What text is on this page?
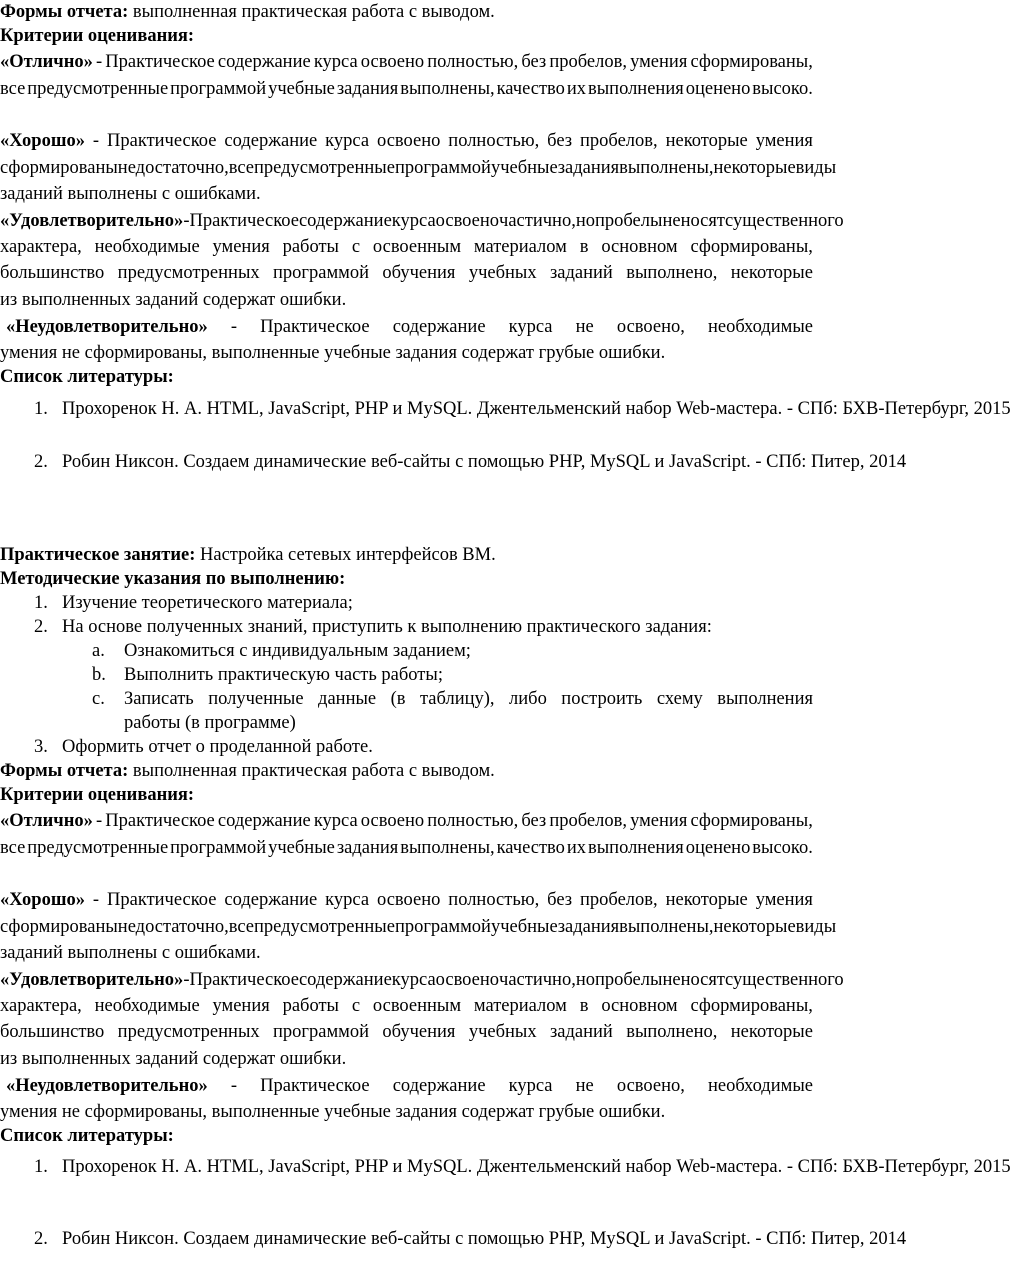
Формы отчета: выполненная практическая работа с выводом.
Критерии оценивания:
«Отлично» - Практическое содержание курса освоено полностью, без пробелов, умения сформированы,
все предусмотренные программой учебные задания выполнены, качество их выполнения оценено высоко.
«Хорошо» - Практическое содержание курса освоено полностью, без пробелов, некоторые умения
сформированы недостаточно, все предусмотренные программой учебные задания выполнены, некоторые виды
заданий выполнены с ошибками.
«Удовлетворительно» - Практическое содержание курса освоено частично, но пробелы не носят существенного
характера, необходимые умения работы с освоенным материалом в основном сформированы,
большинство предусмотренных программой обучения учебных заданий выполнено, некоторые
из выполненных заданий содержат ошибки.
«Неудовлетворительно» - Практическое содержание курса не освоено, необходимые
умения не сформированы, выполненные учебные задания содержат грубые ошибки.
Список литературы:
1. Прохоренок Н. А. HTML, JavaScript, PHP и MySQL. Джентельменский набор Web-мастера. - СПб: БХВ-Петербург, 2015
2. Робин Никсон. Создаем динамические веб-сайты с помощью PHP, MySQL и JavaScript. - СПб: Питер, 2014
Практическое занятие: Настройка сетевых интерфейсов ВМ.
Методические указания по выполнению:
1. Изучение теоретического материала;
2. На основе полученных знаний, приступить к выполнению практического задания:
a. Ознакомиться с индивидуальным заданием;
b. Выполнить практическую часть работы;
c. Записать полученные данные (в таблицу), либо построить схему выполнения
работы (в программе)
3. Оформить отчет о проделанной работе.
Формы отчета: выполненная практическая работа с выводом.
Критерии оценивания:
«Отлично» - Практическое содержание курса освоено полностью, без пробелов, умения сформированы,
все предусмотренные программой учебные задания выполнены, качество их выполнения оценено высоко.
«Хорошо» - Практическое содержание курса освоено полностью, без пробелов, некоторые умения
сформированы недостаточно, все предусмотренные программой учебные задания выполнены, некоторые виды
заданий выполнены с ошибками.
«Удовлетворительно» - Практическое содержание курса освоено частично, но пробелы не носят существенного
характера, необходимые умения работы с освоенным материалом в основном сформированы,
большинство предусмотренных программой обучения учебных заданий выполнено, некоторые
из выполненных заданий содержат ошибки.
«Неудовлетворительно» - Практическое содержание курса не освоено, необходимые
умения не сформированы, выполненные учебные задания содержат грубые ошибки.
Список литературы:
1. Прохоренок Н. А. HTML, JavaScript, PHP и MySQL. Джентельменский набор Web-мастера. - СПб: БХВ-Петербург, 2015
2. Робин Никсон. Создаем динамические веб-сайты с помощью PHP, MySQL и JavaScript. - СПб: Питер, 2014
